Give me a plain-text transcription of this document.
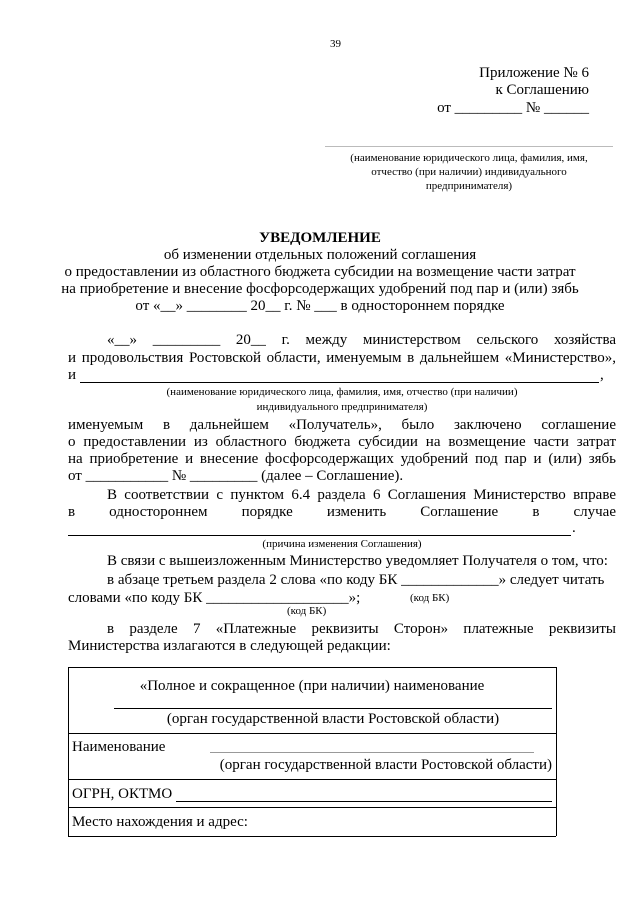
39
Приложение № 6
к Соглашению
от _________ № ______
(наименование юридического лица, фамилия, имя,
отчество (при наличии) индивидуального
предпринимателя)
УВЕДОМЛЕНИЕ
об изменении отдельных положений соглашения
о предоставлении из областного бюджета субсидии на возмещение части затрат
на приобретение и внесение фосфорсодержащих удобрений под пар и (или) зябь
от «__» ________ 20__ г. № ___ в одностороннем порядке
«__» _________ 20__ г. между министерством сельского хозяйства
и продовольствия Ростовской области, именуемым в дальнейшем «Министерство»,
и	,
(наименование юридического лица, фамилия, имя, отчество (при наличии)
индивидуального предпринимателя)
именуемым в дальнейшем «Получатель», было заключено соглашение
о предоставлении из областного бюджета субсидии на возмещение части затрат
на приобретение и внесение фосфорсодержащих удобрений под пар и (или) зябь
от ___________ № _________ (далее – Соглашение).
В соответствии с пунктом 6.4 раздела 6 Соглашения Министерство вправе
в одностороннем порядке изменить Соглашение в случае
.
(причина изменения Соглашения)
В связи с вышеизложенным Министерство уведомляет Получателя о том, что:
в абзаце третьем раздела 2 слова «по коду БК _____________» следует читать
словами «по коду БК ___________________»;	(код БК)
(код БК)
в разделе 7 «Платежные реквизиты Сторон» платежные реквизиты
Министерства излагаются в следующей редакции:
«Полное и сокращенное (при наличии) наименование
(орган государственной власти Ростовской области)
Наименование
(орган государственной власти Ростовской области)
ОГРН, ОКТМО
Место нахождения и адрес:
